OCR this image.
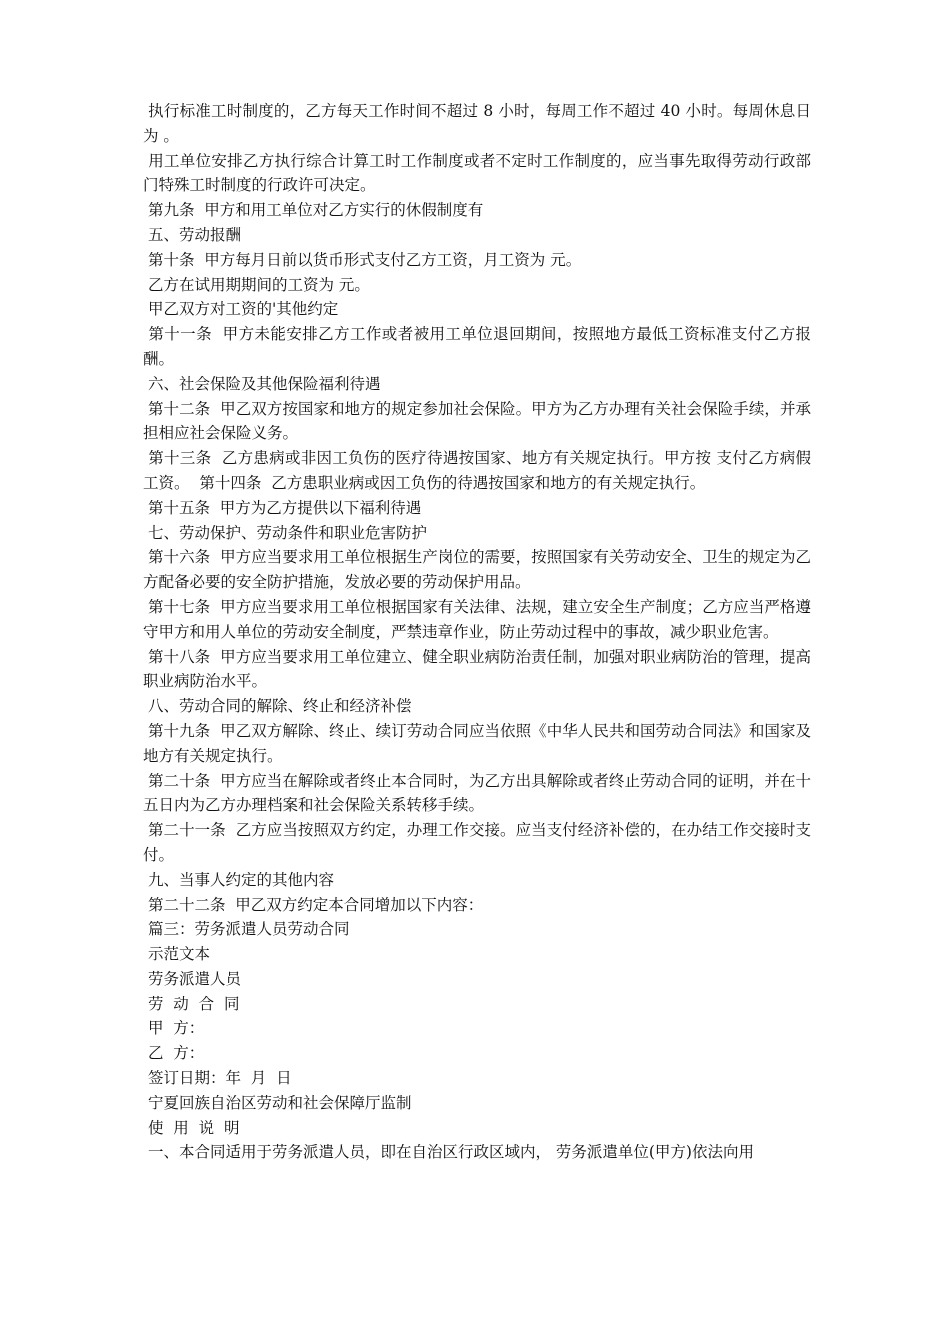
执行标准工时制度的，乙方每天工作时间不超过 8 小时，每周工作不超过 40 小时。每周休息日为 。

用工单位安排乙方执行综合计算工时工作制度或者不定时工作制度的，应当事先取得劳动行政部门特殊工时制度的行政许可决定。

第九条  甲方和用工单位对乙方实行的休假制度有

五、劳动报酬

第十条  甲方每月日前以货币形式支付乙方工资，月工资为 元。

乙方在试用期期间的工资为 元。

甲乙双方对工资的'其他约定

第十一条  甲方未能安排乙方工作或者被用工单位退回期间，按照地方最低工资标准支付乙方报酬。

六、社会保险及其他保险福利待遇

第十二条  甲乙双方按国家和地方的规定参加社会保险。甲方为乙方办理有关社会保险手续，并承担相应社会保险义务。

第十三条  乙方患病或非因工负伤的医疗待遇按国家、地方有关规定执行。甲方按 支付乙方病假工资。  第十四条  乙方患职业病或因工负伤的待遇按国家和地方的有关规定执行。

第十五条  甲方为乙方提供以下福利待遇

七、劳动保护、劳动条件和职业危害防护

第十六条  甲方应当要求用工单位根据生产岗位的需要，按照国家有关劳动安全、卫生的规定为乙方配备必要的安全防护措施，发放必要的劳动保护用品。

第十七条  甲方应当要求用工单位根据国家有关法律、法规，建立安全生产制度；乙方应当严格遵守甲方和用人单位的劳动安全制度，严禁违章作业，防止劳动过程中的事故，减少职业危害。

第十八条  甲方应当要求用工单位建立、健全职业病防治责任制，加强对职业病防治的管理，提高职业病防治水平。

八、劳动合同的解除、终止和经济补偿

第十九条  甲乙双方解除、终止、续订劳动合同应当依照《中华人民共和国劳动合同法》和国家及地方有关规定执行。

第二十条  甲方应当在解除或者终止本合同时，为乙方出具解除或者终止劳动合同的证明，并在十五日内为乙方办理档案和社会保险关系转移手续。

第二十一条  乙方应当按照双方约定，办理工作交接。应当支付经济补偿的，在办结工作交接时支付。

九、当事人约定的其他内容

第二十二条  甲乙双方约定本合同增加以下内容：

篇三：劳务派遣人员劳动合同

示范文本

劳务派遣人员

劳  动  合  同

甲  方：

乙  方：

签订日期：年  月  日

宁夏回族自治区劳动和社会保障厅监制

使  用  说  明

一、本合同适用于劳务派遣人员，即在自治区行政区域内， 劳务派遣单位(甲方)依法向用
